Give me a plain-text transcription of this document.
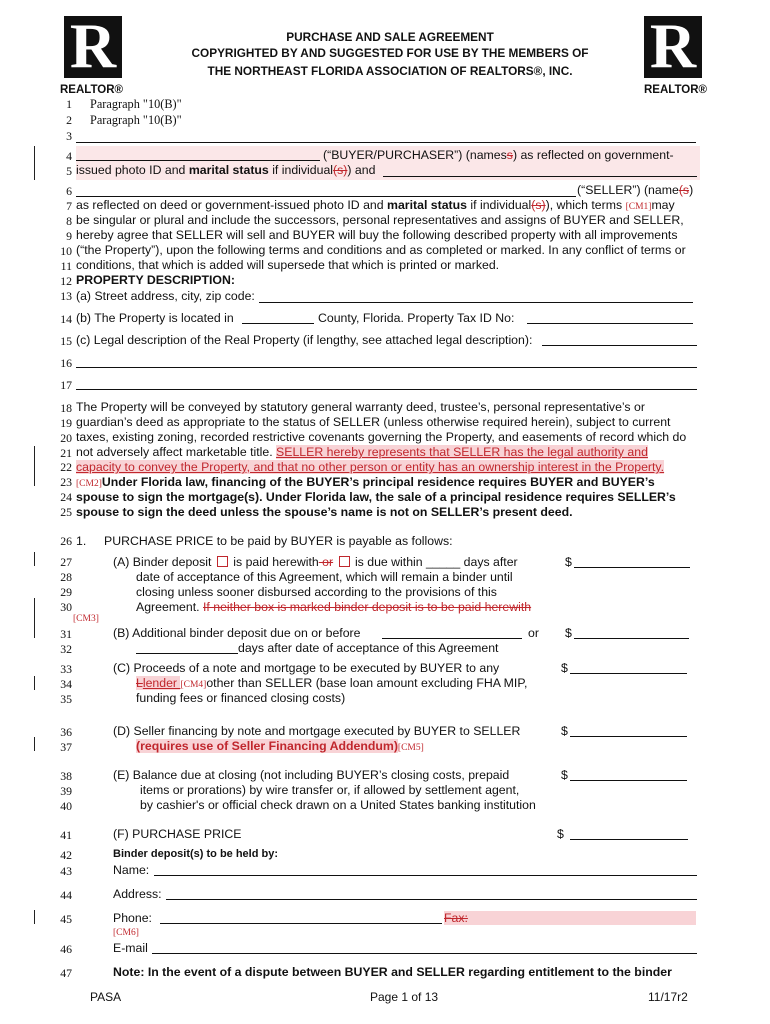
R	R
REALTOR®	REALTOR®
PURCHASE AND SALE AGREEMENT
COPYRIGHTED BY AND SUGGESTED FOR USE BY THE MEMBERS OF
THE NORTHEAST FLORIDA ASSOCIATION OF REALTORS®, INC.
1
2
3
4
5
6
7
8
9
10
11
12
13
14
15
16
17
18
19
20
21
22
23
24
25
26
27
28
29
30
31
32
33
34
35
36
37
38
39
40
41
42
43
44
45
46
47
Paragraph "10(B)"
Paragraph "10(B)"
(“BUYER/PURCHASER”) (namess) as reflected on government-
issued photo ID and marital status if individual(s)) and
(“SELLER”) (name(s)
as reflected on deed or government-issued photo ID and marital status if individual(s)), which terms [CM1]may
be singular or plural and include the successors, personal representatives and assigns of BUYER and SELLER,
hereby agree that SELLER will sell and BUYER will buy the following described property with all improvements
(“the Property”), upon the following terms and conditions and as completed or marked. In any conflict of terms or
conditions, that which is added will supersede that which is printed or marked.
PROPERTY DESCRIPTION:
(a) Street address, city, zip code:
(b) The Property is located in	County, Florida. Property Tax ID No:
(c) Legal description of the Real Property (if lengthy, see attached legal description):
The Property will be conveyed by statutory general warranty deed, trustee’s, personal representative’s or
guardian’s deed as appropriate to the status of SELLER (unless otherwise required herein), subject to current
taxes, existing zoning, recorded restrictive covenants governing the Property, and easements of record which do
not adversely affect marketable title. SELLER hereby represents that SELLER has the legal authority and
capacity to convey the Property, and that no other person or entity has an ownership interest in the Property.
[CM2]Under Florida law, financing of the BUYER’s principal residence requires BUYER and BUYER’s
spouse to sign the mortgage(s). Under Florida law, the sale of a principal residence requires SELLER’s
spouse to sign the deed unless the spouse’s name is not on SELLER’s present deed.
1. PURCHASE PRICE to be paid by BUYER is payable as follows:
(A) Binder deposit is paid herewith or is due within _____ days after	$
date of acceptance of this Agreement, which will remain a binder until
closing unless sooner disbursed according to the provisions of this
Agreement. If neither box is marked binder deposit is to be paid herewith
[CM3]
(B) Additional binder deposit due on or before	or $
days after date of acceptance of this Agreement
(C) Proceeds of a note and mortgage to be executed by BUYER to any	$
Llender [CM4]other than SELLER (base loan amount excluding FHA MIP,
funding fees or financed closing costs)
(D) Seller financing by note and mortgage executed by BUYER to SELLER	$
(requires use of Seller Financing Addendum)[CM5]
(E) Balance due at closing (not including BUYER’s closing costs, prepaid	$
items or prorations) by wire transfer or, if allowed by settlement agent,
by cashier's or official check drawn on a United States banking institution
(F) PURCHASE PRICE	$
Binder deposit(s) to be held by:
Name:
Address:
Phone:	Fax:
[CM6]
E-mail
Note: In the event of a dispute between BUYER and SELLER regarding entitlement to the binder
PASA	Page 1 of 13	11/17r2
